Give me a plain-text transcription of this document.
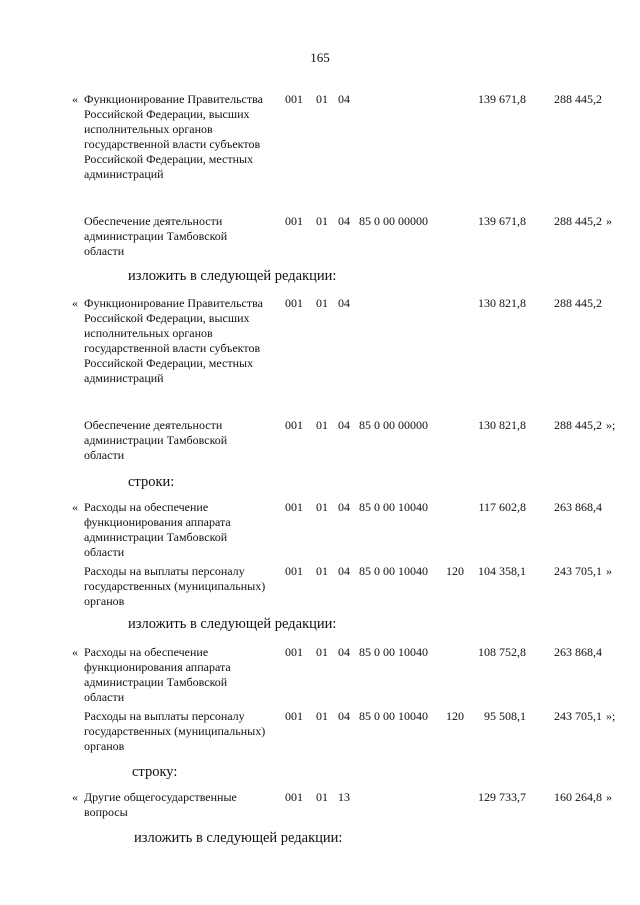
165
« Функционирование Правительства Российской Федерации, высших исполнительных органов государственной власти субъектов Российской Федерации, местных администраций
001 01 04	139 671,8	288 445,2
Обеспечение деятельности администрации Тамбовской области
001 01 04 85 0 00 00000	139 671,8	288 445,2 »
изложить в следующей редакции:
« Функционирование Правительства Российской Федерации, высших исполнительных органов государственной власти субъектов Российской Федерации, местных администраций
001 01 04	130 821,8	288 445,2
Обеспечение деятельности администрации Тамбовской области
001 01 04 85 0 00 00000	130 821,8	288 445,2 »;
строки:
« Расходы на обеспечение функционирования аппарата администрации Тамбовской области
001 01 04 85 0 00 10040	117 602,8	263 868,4
Расходы на выплаты персоналу государственных (муниципальных) органов
001 01 04 85 0 00 10040 120	104 358,1	243 705,1 »
изложить в следующей редакции:
« Расходы на обеспечение функционирования аппарата администрации Тамбовской области
001 01 04 85 0 00 10040	108 752,8	263 868,4
Расходы на выплаты персоналу государственных (муниципальных) органов
001 01 04 85 0 00 10040 120	95 508,1	243 705,1 »;
строку:
« Другие общегосударственные вопросы
001 01 13	129 733,7	160 264,8 »
изложить в следующей редакции:
